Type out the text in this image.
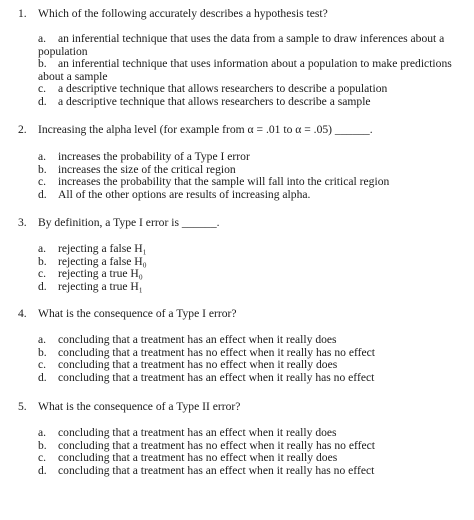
1. Which of the following accurately describes a hypothesis test?
a. an inferential technique that uses the data from a sample to draw inferences about a population
b. an inferential technique that uses information about a population to make predictions about a sample
c. a descriptive technique that allows researchers to describe a population
d. a descriptive technique that allows researchers to describe a sample
2. Increasing the alpha level (for example from α = .01 to α = .05) ______.
a. increases the probability of a Type I error
b. increases the size of the critical region
c. increases the probability that the sample will fall into the critical region
d. All of the other options are results of increasing alpha.
3. By definition, a Type I error is ______.
a. rejecting a false H₁
b. rejecting a false H₀
c. rejecting a true H₀
d. rejecting a true H₁
4. What is the consequence of a Type I error?
a. concluding that a treatment has an effect when it really does
b. concluding that a treatment has no effect when it really has no effect
c. concluding that a treatment has no effect when it really does
d. concluding that a treatment has an effect when it really has no effect
5. What is the consequence of a Type II error?
a. concluding that a treatment has an effect when it really does
b. concluding that a treatment has no effect when it really has no effect
c. concluding that a treatment has no effect when it really does
d. concluding that a treatment has an effect when it really has no effect
